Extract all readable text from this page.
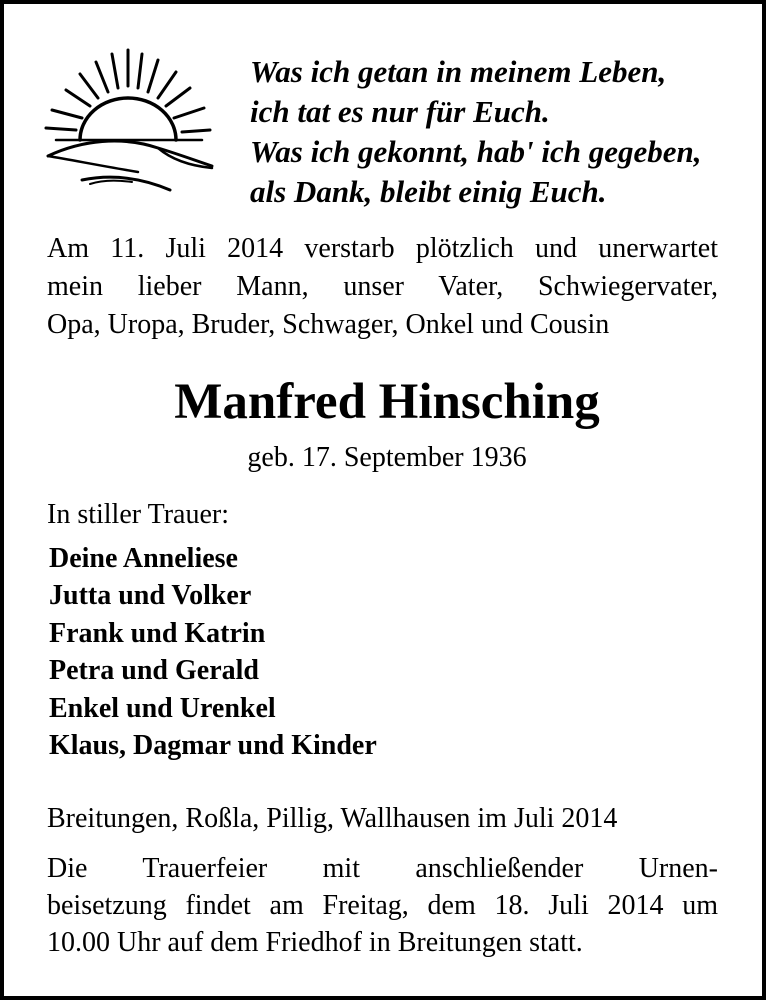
Was ich getan in meinem Leben,
ich tat es nur für Euch.
Was ich gekonnt, hab' ich gegeben,
als Dank, bleibt einig Euch.
Am 11. Juli 2014 verstarb plötzlich und unerwartet
mein lieber Mann, unser Vater, Schwiegervater,
Opa, Uropa, Bruder, Schwager, Onkel und Cousin
Manfred Hinsching
geb. 17. September 1936
In stiller Trauer:
Deine Anneliese
Jutta und Volker
Frank und Katrin
Petra und Gerald
Enkel und Urenkel
Klaus, Dagmar und Kinder
Breitungen, Roßla, Pillig, Wallhausen im Juli 2014
Die Trauerfeier mit anschließender Urnen-
beisetzung findet am Freitag, dem 18. Juli 2014 um
10.00 Uhr auf dem Friedhof in Breitungen statt.
